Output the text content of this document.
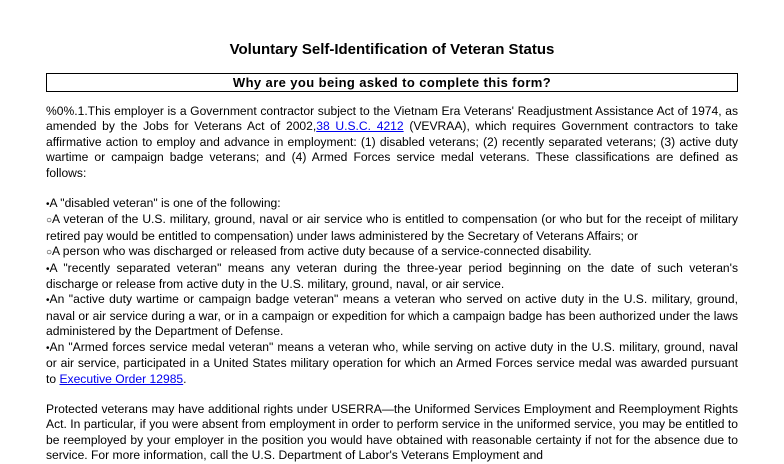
Voluntary Self-Identification of Veteran Status
Why are you being asked to complete this form?

%0%.1.This employer is a Government contractor subject to the Vietnam Era Veterans' Readjustment Assistance Act of 1974, as amended by the Jobs for Veterans Act of 2002,38 U.S.C. 4212 (VEVRAA), which requires Government contractors to take affirmative action to employ and advance in employment: (1) disabled veterans; (2) recently separated veterans; (3) active duty wartime or campaign badge veterans; and (4) Armed Forces service medal veterans. These classifications are defined as follows:

•A "disabled veteran" is one of the following:

○A veteran of the U.S. military, ground, naval or air service who is entitled to compensation (or who but for the receipt of military retired pay would be entitled to compensation) under laws administered by the Secretary of Veterans Affairs; or

○A person who was discharged or released from active duty because of a service-connected disability.

•A "recently separated veteran" means any veteran during the three-year period beginning on the date of such veteran's discharge or release from active duty in the U.S. military, ground, naval, or air service.

•An "active duty wartime or campaign badge veteran" means a veteran who served on active duty in the U.S. military, ground, naval or air service during a war, or in a campaign or expedition for which a campaign badge has been authorized under the laws administered by the Department of Defense.

•An "Armed forces service medal veteran" means a veteran who, while serving on active duty in the U.S. military, ground, naval or air service, participated in a United States military operation for which an Armed Forces service medal was awarded pursuant to Executive Order 12985.

Protected veterans may have additional rights under USERRA—the Uniformed Services Employment and Reemployment Rights Act. In particular, if you were absent from employment in order to perform service in the uniformed service, you may be entitled to be reemployed by your employer in the position you would have obtained with reasonable certainty if not for the absence due to service. For more information, call the U.S. Department of Labor's Veterans Employment and
